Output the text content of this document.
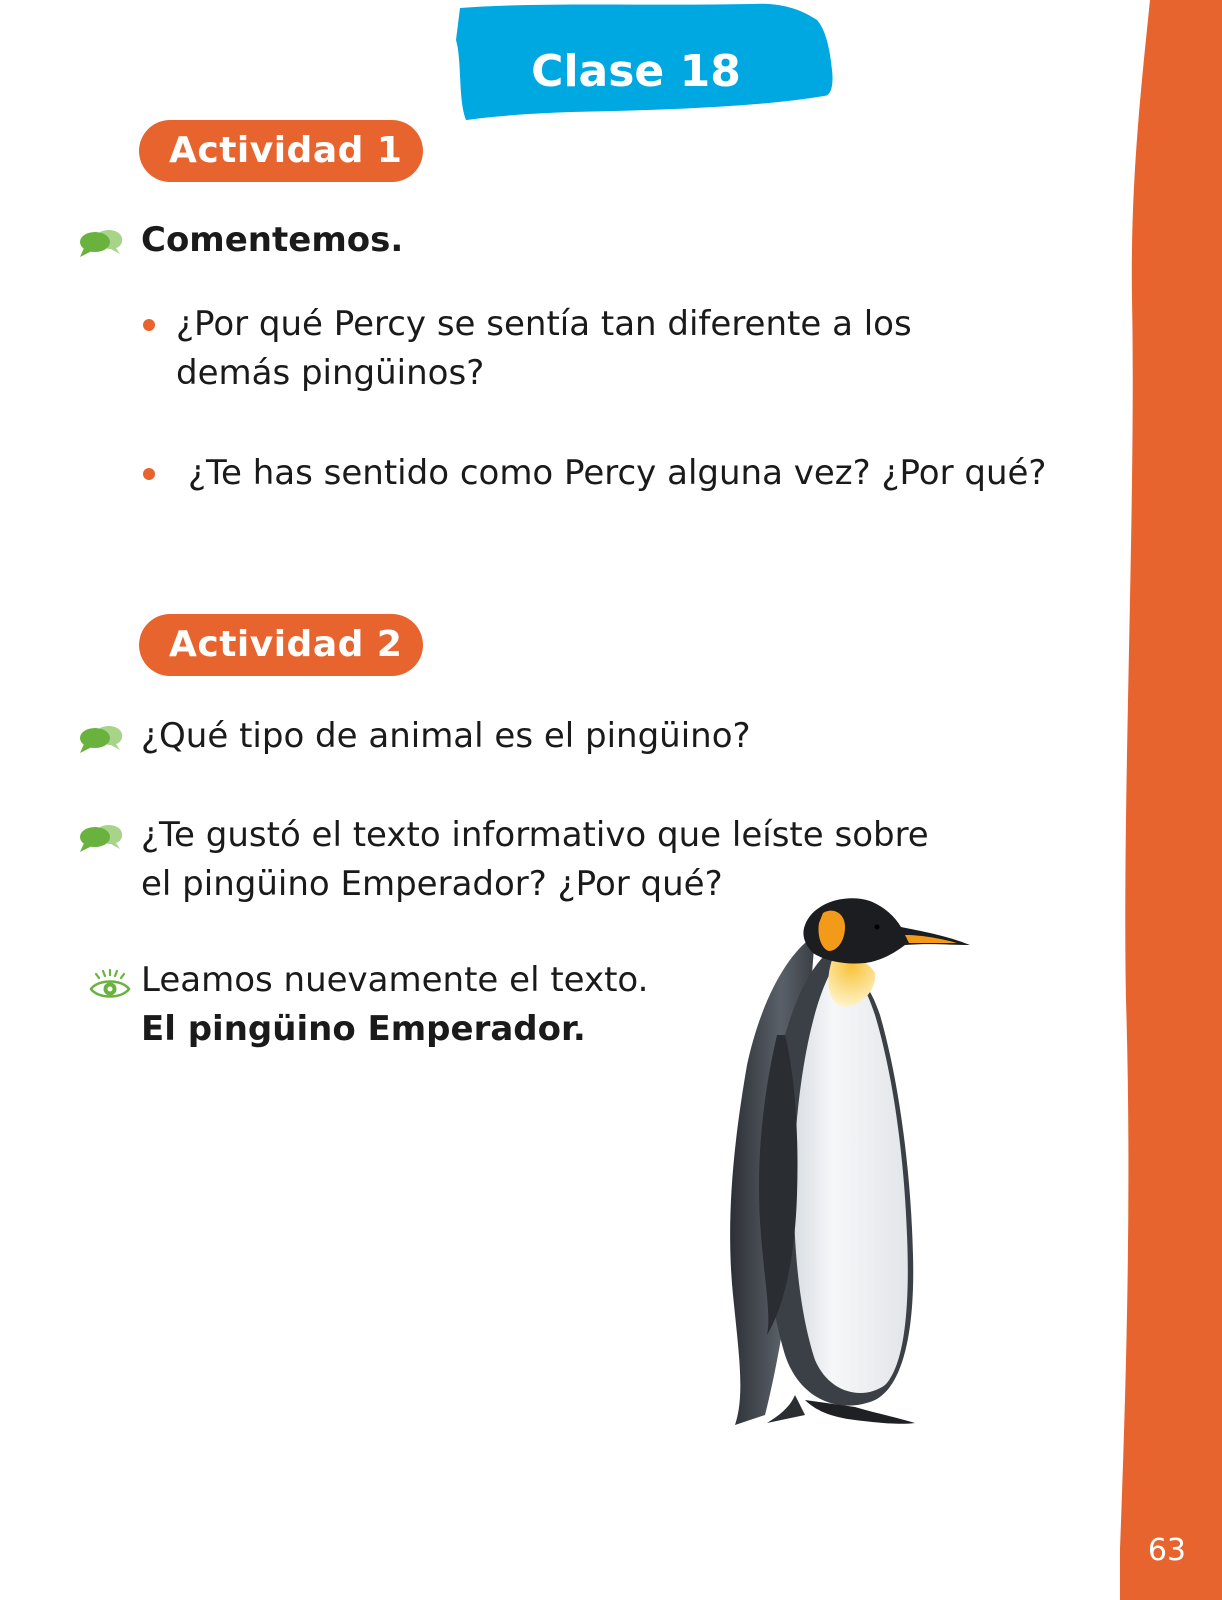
63
Clase 18
Actividad 1
Comentemos.
¿Por qué Percy se sentía tan diferente a los demás pingüinos?
¿Te has sentido como Percy alguna vez? ¿Por qué?
Actividad 2
¿Qué tipo de animal es el pingüino?
¿Te gustó el texto informativo que leíste sobre el pingüino Emperador? ¿Por qué?
Leamos nuevamente el texto.
El pingüino Emperador.
